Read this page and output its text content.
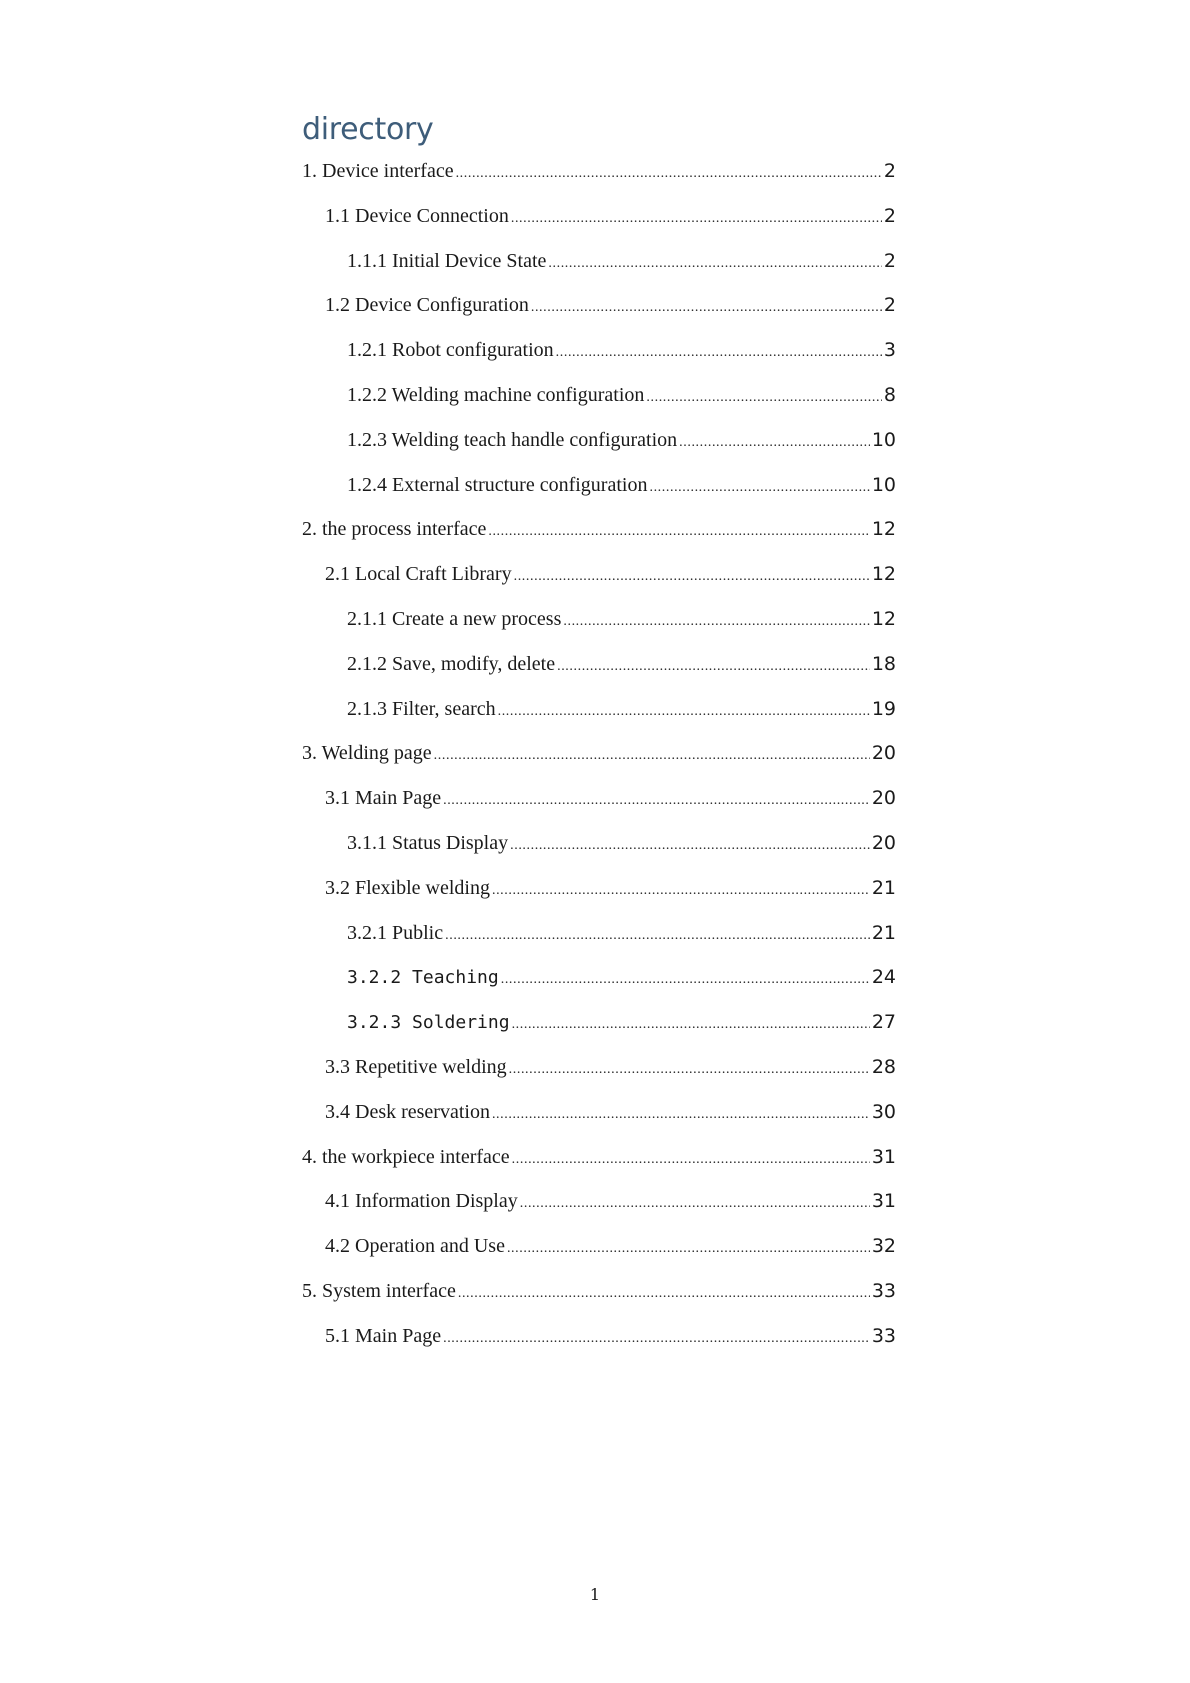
directory
1. Device interface .....	2
1.1 Device Connection .....	2
1.1.1 Initial Device State .....	2
1.2 Device Configuration .....	2
1.2.1 Robot configuration .....	3
1.2.2 Welding machine configuration .....	8
1.2.3 Welding teach handle configuration .....	10
1.2.4 External structure configuration .....	10
2. the process interface .....	12
2.1 Local Craft Library .....	12
2.1.1 Create a new process .....	12
2.1.2 Save, modify, delete .....	18
2.1.3 Filter, search .....	19
3. Welding page .....	20
3.1 Main Page .....	20
3.1.1 Status Display .....	20
3.2 Flexible welding .....	21
3.2.1 Public .....	21
3.2.2 Teaching .....	24
3.2.3 Soldering .....	27
3.3 Repetitive welding .....	28
3.4 Desk reservation .....	30
4. the workpiece interface .....	31
4.1 Information Display .....	31
4.2 Operation and Use .....	32
5. System interface .....	33
5.1 Main Page .....	33
1
